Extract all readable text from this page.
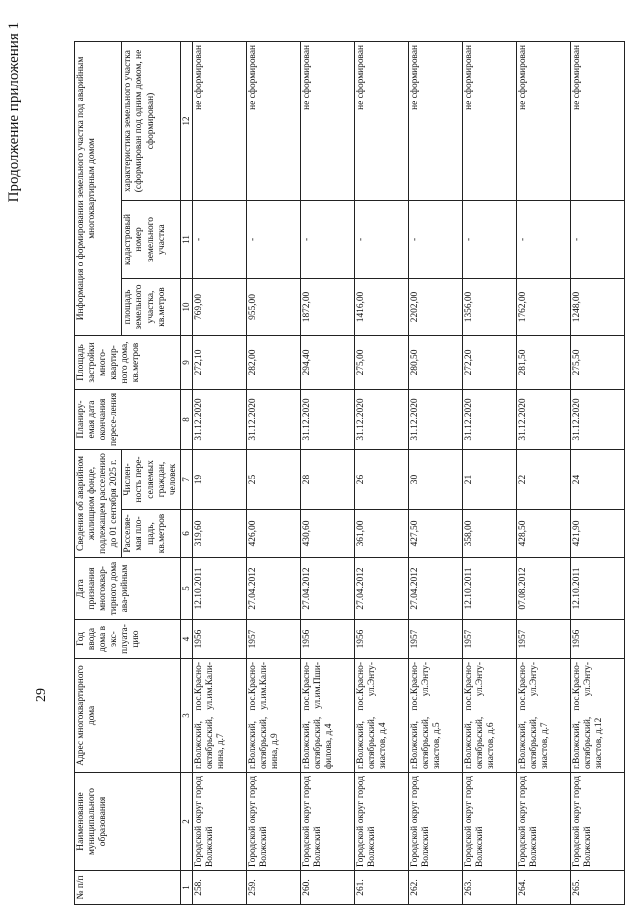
29
Продолжение приложения 1
№ п/п	Наименование муниципального образования	Адрес многоквартирного дома	Год ввода дома в экс-плуата-цию	Дата признания многоквар-тирного дома ава-рийным	Сведения об аварийном жилищном фонде, подлежащем расселению до 01 сентября 2025 г.		Планиру-емая дата окончания пересе-ления	Площадь застройки много-квартир-ного дома, кв.метров	Информация о формировании земельного участка под аварийным многоквартирным домом		
					Расселяе-мая пло-щадь, кв.метров	Числен-ность пере-селяемых граждан, человек			площадь земельного участка, кв.метров	кадастровый номер земельного участка	характеристика земельного участка (сформирован под одним домом, не сформирован)
1	2	3	4	5	6	7	8	9	10	11	12
258.	Городской округ город Волжский	г.Волжский, пос.Красно-октябрьский, ул.им.Кали-нина, д.7	1956	12.10.2011	319,60	19	31.12.2020	272,10	769,00	-	не сформирован
259.	Городской округ город Волжский	г.Волжский, пос.Красно-октябрьский, ул.им.Кали-нина, д.9	1957	27.04.2012	426,00	25	31.12.2020	282,00	955,00	-	не сформирован
260.	Городской округ город Волжский	г.Волжский, пос.Красно-октябрьский, ул.им.Пши-филова, д.4	1956	27.04.2012	430,60	28	31.12.2020	294,40	1872,00	-	не сформирован
261.	Городской округ город Волжский	г.Волжский, пос.Красно-октябрьский, ул.Энту-зиастов, д.4	1956	27.04.2012	361,00	26	31.12.2020	275,00	1416,00	-	не сформирован
262.	Городской округ город Волжский	г.Волжский, пос.Красно-октябрьский, ул.Энту-зиастов, д.5	1957	27.04.2012	427,50	30	31.12.2020	280,50	2202,00	-	не сформирован
263.	Городской округ город Волжский	г.Волжский, пос.Красно-октябрьский, ул.Энту-зиастов, д.6	1957	12.10.2011	358,00	21	31.12.2020	272,20	1356,00	-	не сформирован
264.	Городской округ город Волжский	г.Волжский, пос.Красно-октябрьский, ул.Энту-зиастов, д.7	1957	07.08.2012	428,50	22	31.12.2020	281,50	1762,00	-	не сформирован
265.	Городской округ город Волжский	г.Волжский, пос.Красно-октябрьский, ул.Энту-зиастов, д.12	1956	12.10.2011	421,90	24	31.12.2020	275,50	1248,00	-	не сформирован
